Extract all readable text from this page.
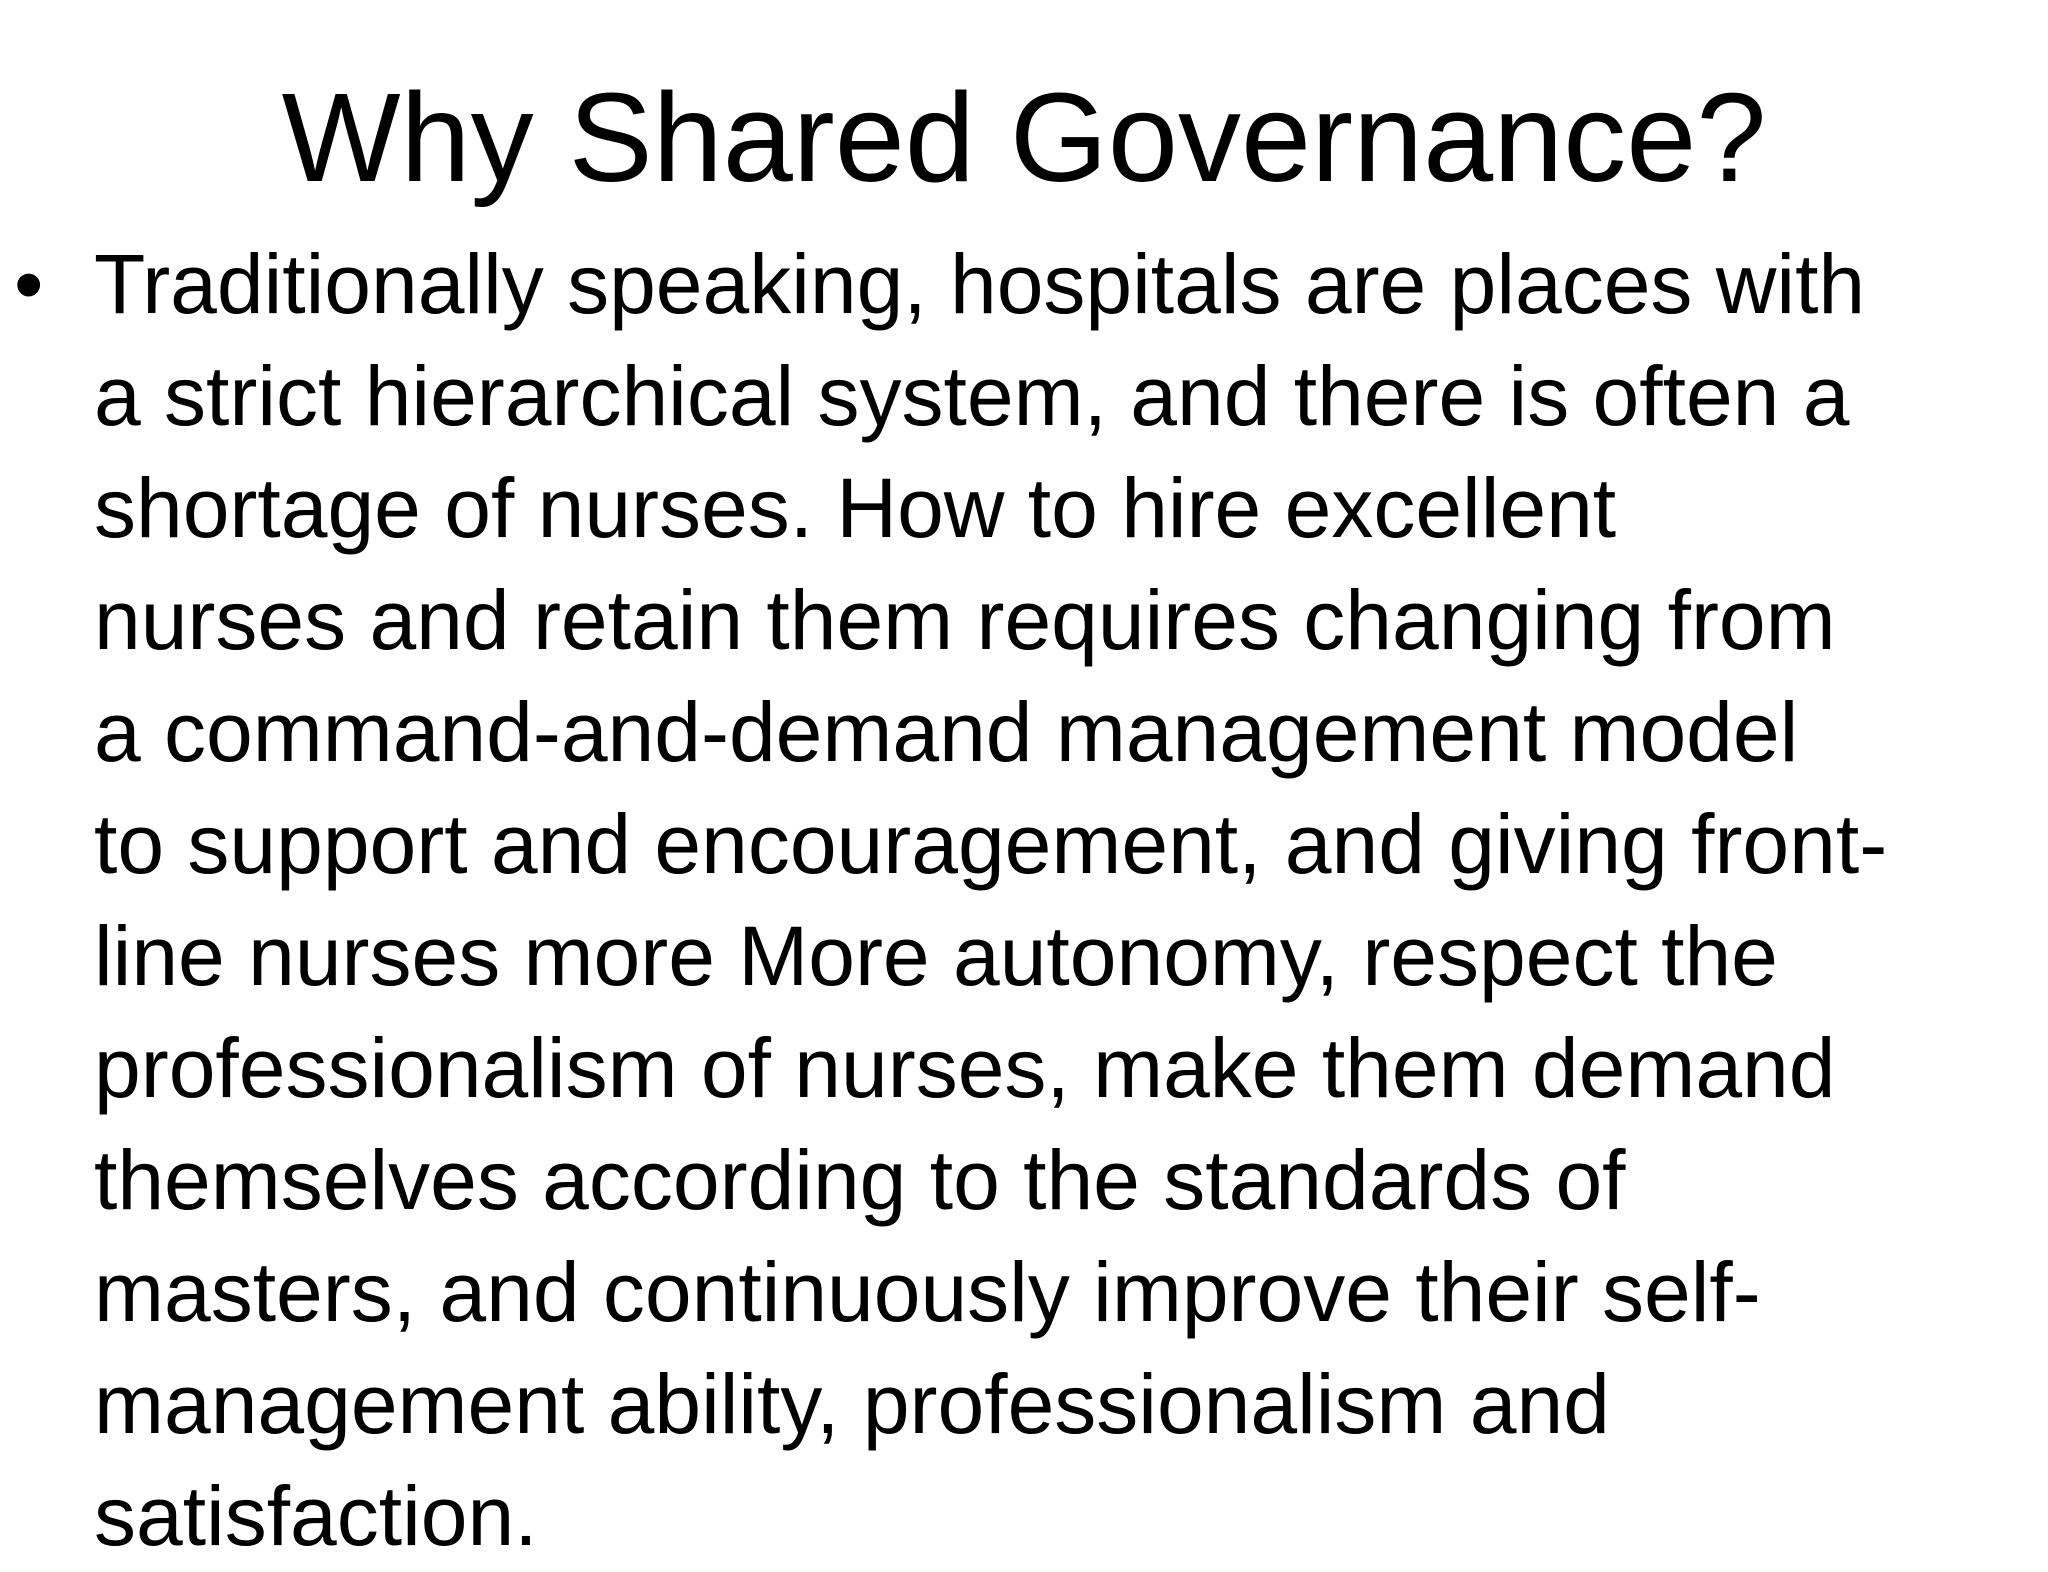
Why Shared Governance?
• Traditionally speaking, hospitals are places with
a strict hierarchical system, and there is often a
shortage of nurses. How to hire excellent
nurses and retain them requires changing from
a command-and-demand management model
to support and encouragement, and giving front-
line nurses more More autonomy, respect the
professionalism of nurses, make them demand
themselves according to the standards of
masters, and continuously improve their self-
management ability, professionalism and
satisfaction.
